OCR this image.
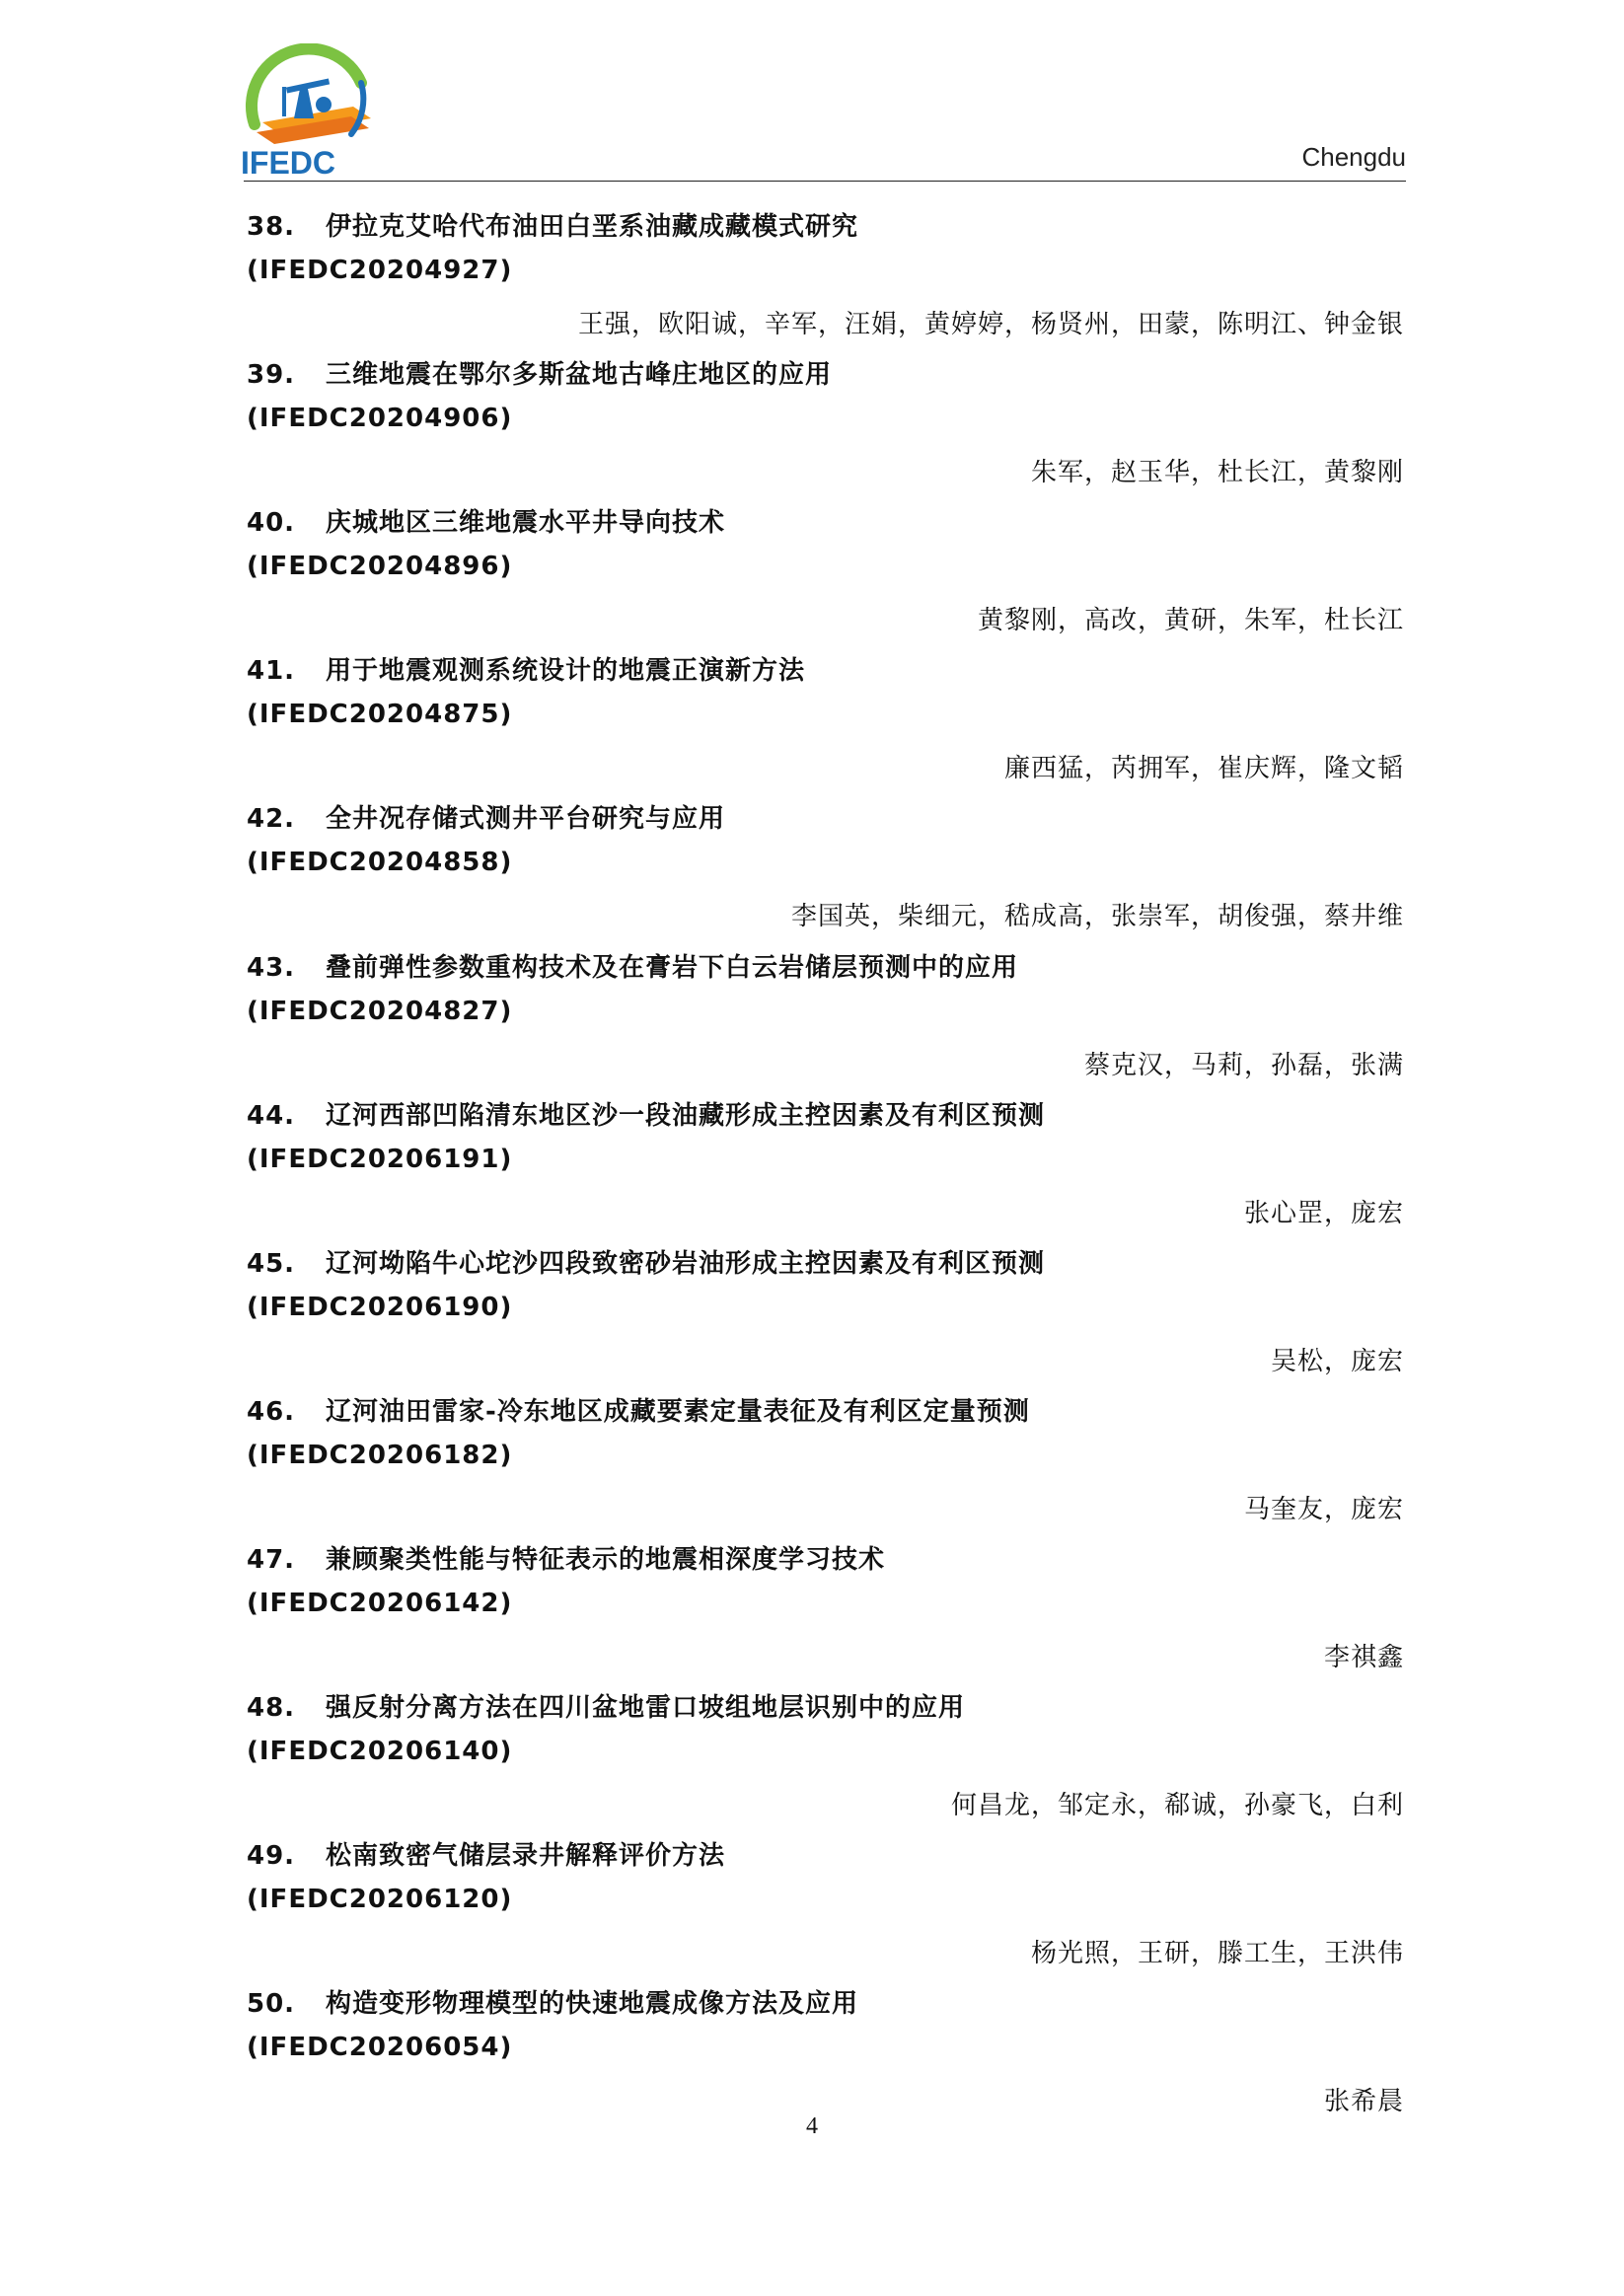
IFEDC	Chengdu
38. 伊拉克艾哈代布油田白垩系油藏成藏模式研究
(IFEDC20204927)
王强，欧阳诚，辛军，汪娟，黄婷婷，杨贤州，田蒙，陈明江、钟金银
39. 三维地震在鄂尔多斯盆地古峰庄地区的应用
(IFEDC20204906)
朱军，赵玉华，杜长江，黄黎刚
40. 庆城地区三维地震水平井导向技术
(IFEDC20204896)
黄黎刚，高改，黄研，朱军，杜长江
41. 用于地震观测系统设计的地震正演新方法
(IFEDC20204875)
廉西猛，芮拥军，崔庆辉，隆文韬
42. 全井况存储式测井平台研究与应用
(IFEDC20204858)
李国英，柴细元，嵇成高，张崇军，胡俊强，蔡井维
43. 叠前弹性参数重构技术及在膏岩下白云岩储层预测中的应用
(IFEDC20204827)
蔡克汉，马莉，孙磊，张满
44. 辽河西部凹陷清东地区沙一段油藏形成主控因素及有利区预测
(IFEDC20206191)
张心罡，庞宏
45. 辽河坳陷牛心坨沙四段致密砂岩油形成主控因素及有利区预测
(IFEDC20206190)
吴松，庞宏
46. 辽河油田雷家-冷东地区成藏要素定量表征及有利区定量预测
(IFEDC20206182)
马奎友，庞宏
47. 兼顾聚类性能与特征表示的地震相深度学习技术
(IFEDC20206142)
李祺鑫
48. 强反射分离方法在四川盆地雷口坡组地层识别中的应用
(IFEDC20206140)
何昌龙，邹定永，郗诚，孙豪飞，白利
49. 松南致密气储层录井解释评价方法
(IFEDC20206120)
杨光照，王研，滕工生，王洪伟
50. 构造变形物理模型的快速地震成像方法及应用
(IFEDC20206054)
张希晨
4
